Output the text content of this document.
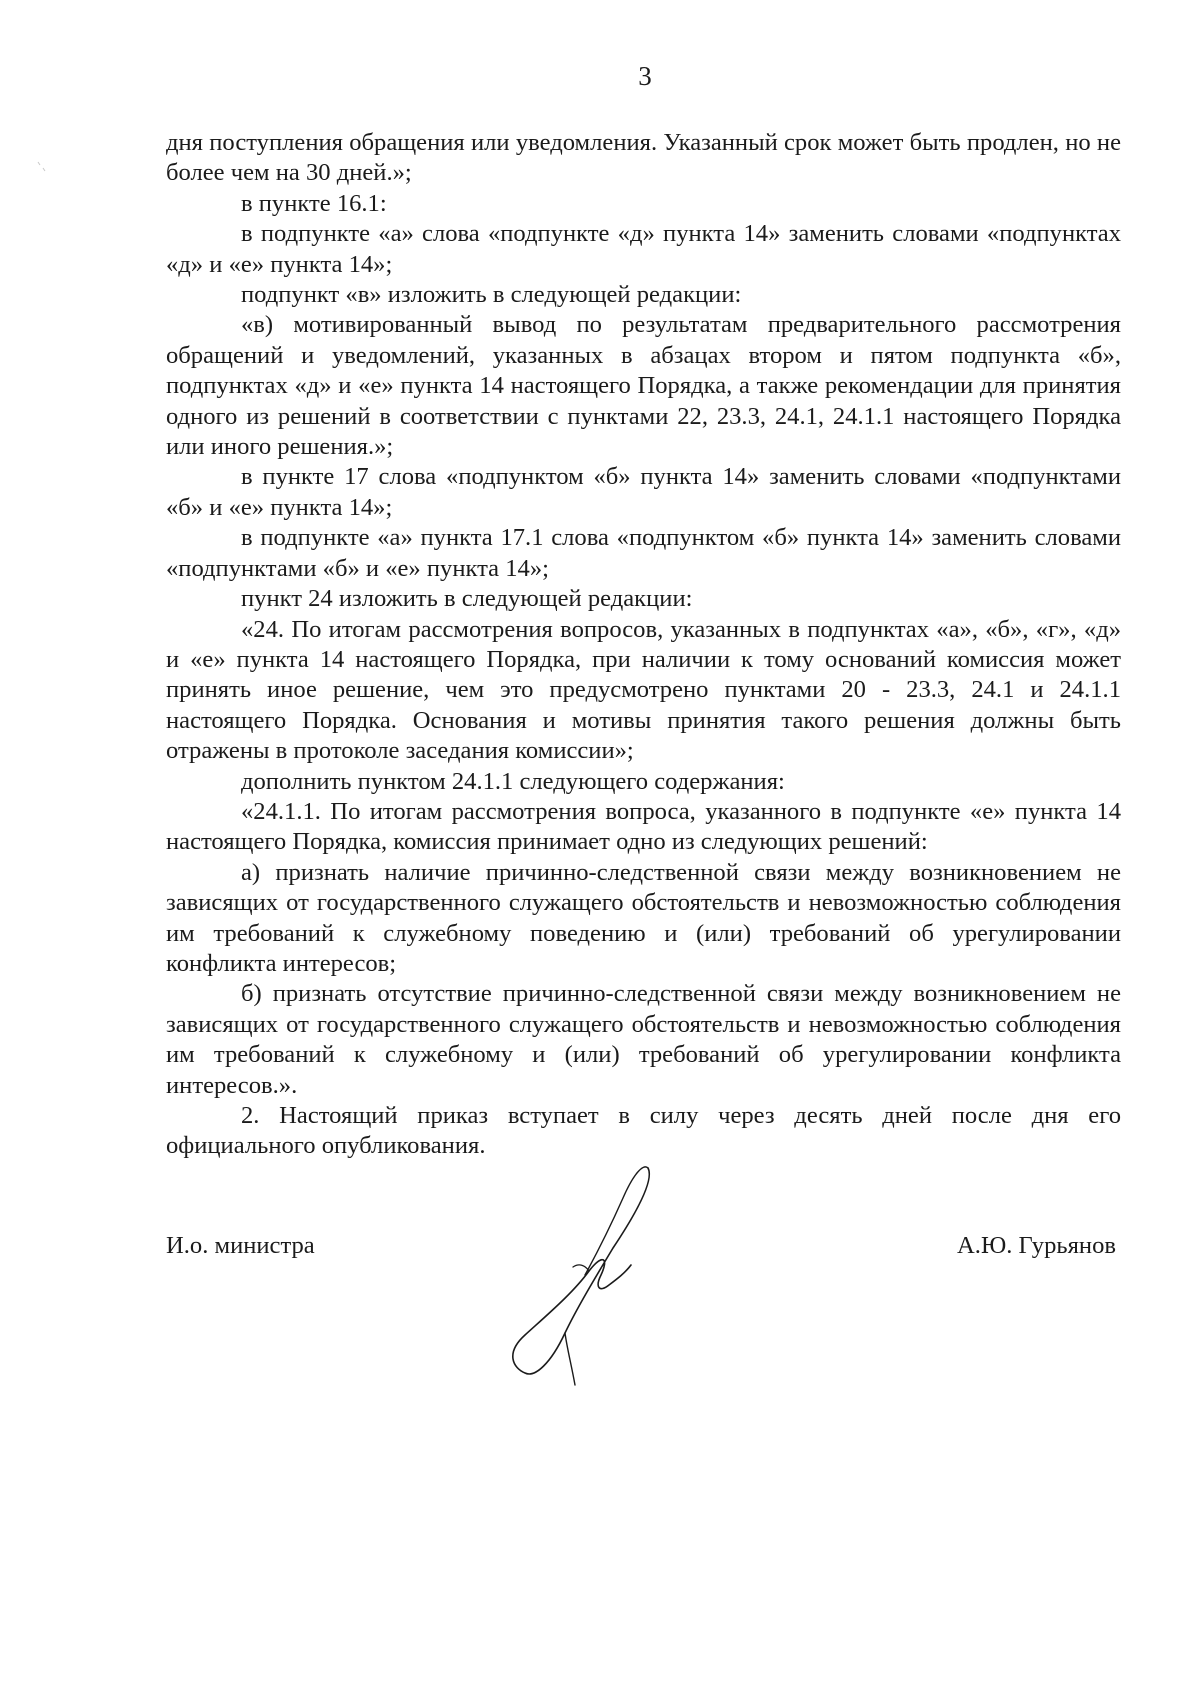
3

дня поступления обращения или уведомления. Указанный срок может быть продлен, но не более чем на 30 дней.»;

в пункте 16.1:

в подпункте «а» слова «подпункте «д» пункта 14» заменить словами «подпунктах «д» и «е» пункта 14»;

подпункт «в» изложить в следующей редакции:

«в) мотивированный вывод по результатам предварительного рассмотрения обращений и уведомлений, указанных в абзацах втором и пятом подпункта «б», подпунктах «д» и «е» пункта 14 настоящего Порядка, а также рекомендации для принятия одного из решений в соответствии с пунктами 22, 23.3, 24.1, 24.1.1 настоящего Порядка или иного решения.»;

в пункте 17 слова «подпунктом «б» пункта 14» заменить словами «подпунктами «б» и «е» пункта 14»;

в подпункте «а» пункта 17.1 слова «подпунктом «б» пункта 14» заменить словами «подпунктами «б» и «е» пункта 14»;

пункт 24 изложить в следующей редакции:

«24. По итогам рассмотрения вопросов, указанных в подпунктах «а», «б», «г», «д» и «е» пункта 14 настоящего Порядка, при наличии к тому оснований комиссия может принять иное решение, чем это предусмотрено пунктами 20 - 23.3, 24.1 и 24.1.1 настоящего Порядка. Основания и мотивы принятия такого решения должны быть отражены в протоколе заседания комиссии»;

дополнить пунктом 24.1.1 следующего содержания:

«24.1.1. По итогам рассмотрения вопроса, указанного в подпункте «е» пункта 14 настоящего Порядка, комиссия принимает одно из следующих решений:

а) признать наличие причинно-следственной связи между возникновением не зависящих от государственного служащего обстоятельств и невозможностью соблюдения им требований к служебному поведению и (или) требований об урегулировании конфликта интересов;

б) признать отсутствие причинно-следственной связи между возникновением не зависящих от государственного служащего обстоятельств и невозможностью соблюдения им требований к служебному и (или) требований об урегулировании конфликта интересов.».

2. Настоящий приказ вступает в силу через десять дней после дня его официального опубликования.

И.о. министра	А.Ю. Гурьянов
